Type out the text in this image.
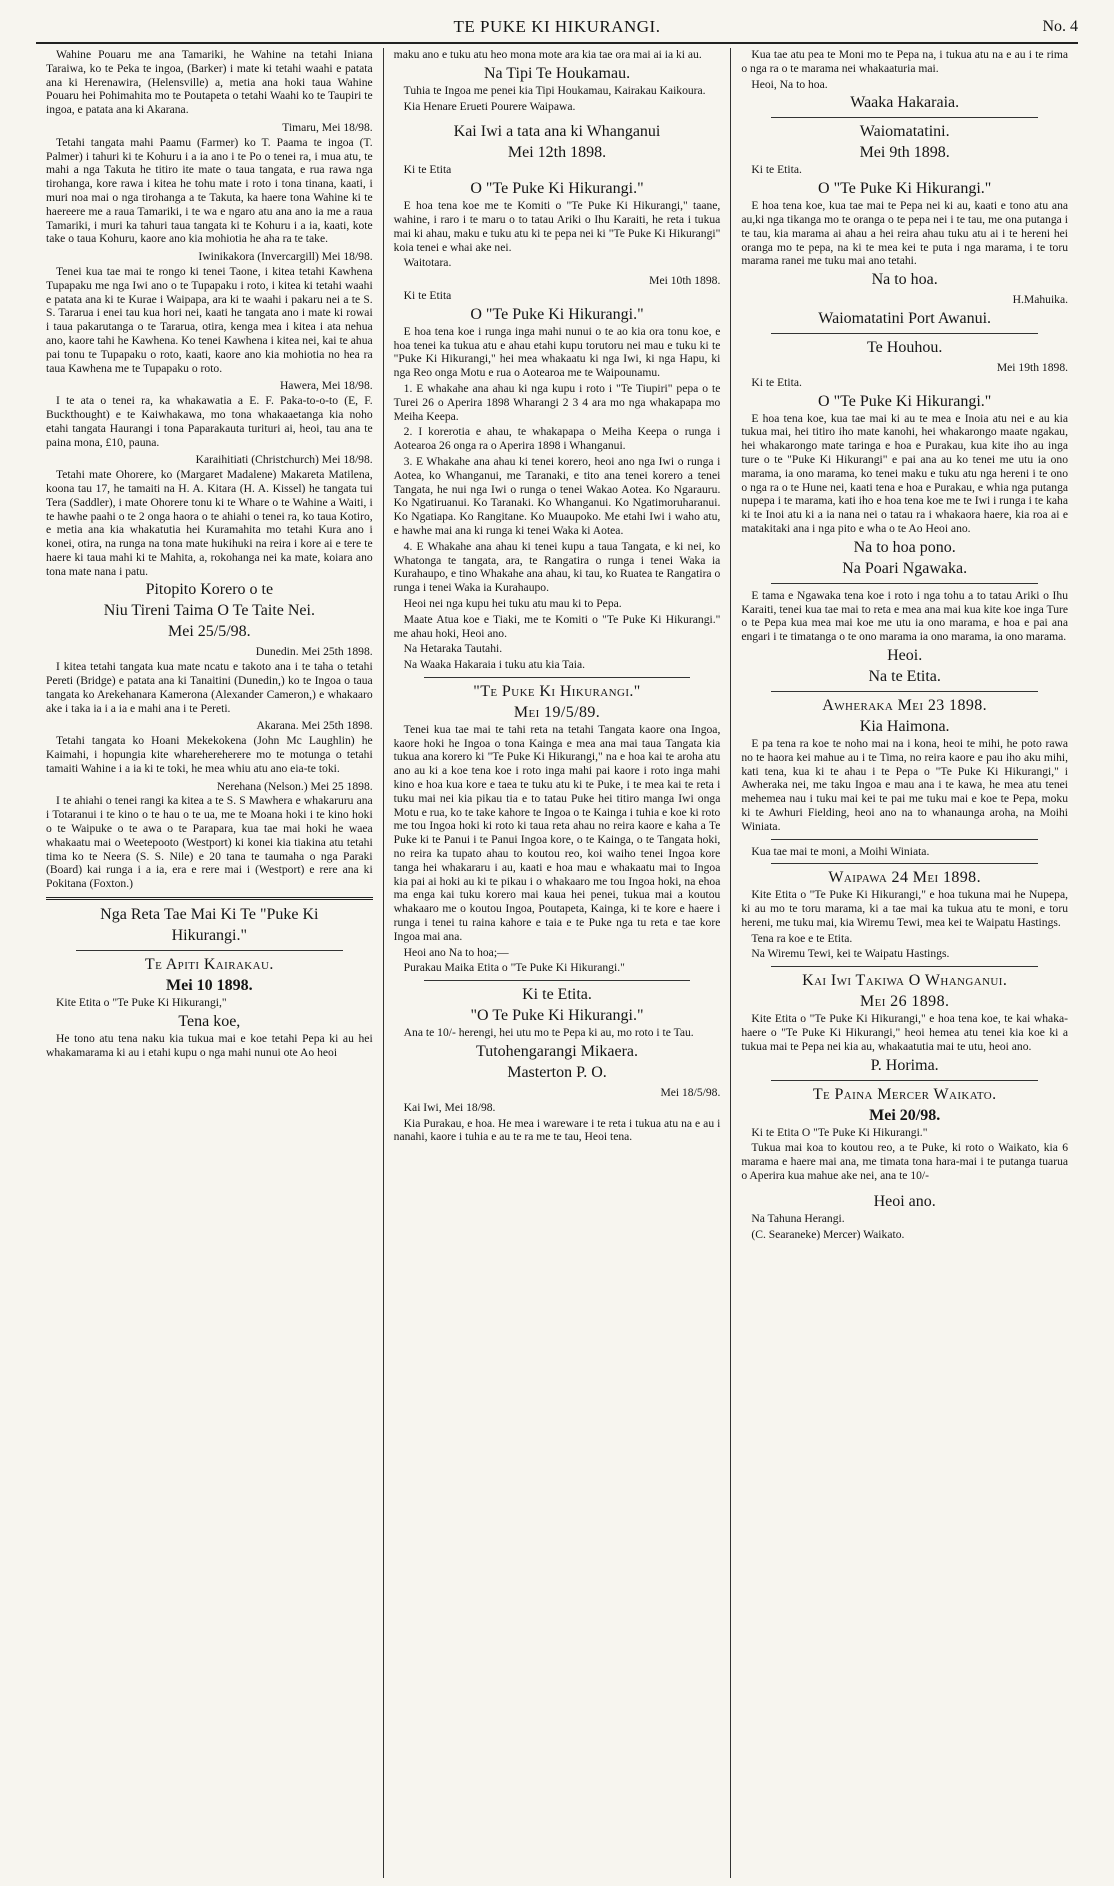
TE PUKE KI HIKURANGI.	No. 4

Wahine Pouaru me ana Tamariki, he Wahine na tetahi Iniana Taraiwa, ko te Peka te ingoa, (Barker) i mate ki tetahi waahi e patata ana ki Herenawira, (Helensville) a, metia ana hoki taua Wahine Pouaru hei Pohimahita mo te Poutapeta o tetahi Waahi ko te Taupiri te ingoa, e patata ana ki Akarana.

Timaru, Mei 18/98.

Tetahi tangata mahi Paamu (Farmer) ko T. Paama te ingoa (T. Palmer) i tahuri ki te Kohuru i a ia ano i te Po o tenei ra, i mua atu, te mahi a nga Takuta he titiro ite mate o taua tangata, e rua rawa nga tirohanga, kore rawa i kitea he tohu mate i roto i tona tinana, kaati, i muri noa mai o nga tirohanga a te Takuta, ka haere tona Wahine ki te haereere me a raua Tamariki, i te wa e ngaro atu ana ano ia me a raua Tamariki, i muri ka tahuri taua tangata ki te Kohuru i a ia, kaati, kote take o taua Kohuru, kaore ano kia mohiotia he aha ra te take.

Iwinikakora (Invercargill) Mei 18/98.

Tenei kua tae mai te rongo ki tenei Taone, i kitea tetahi Kawhena Tupapaku me nga Iwi ano o te Tupapaku i roto, i kitea ki tetahi waahi e patata ana ki te Kurae i Waipapa, ara ki te waahi i pakaru nei a te S. S. Tararua i enei tau kua hori nei, kaati he tangata ano i mate ki rowai i taua pakarutanga o te Tararua, otira, kenga mea i kitea i ata nehua ano, kaore tahi he Kawhena. Ko tenei Kawhena i kitea nei, kai te ahua pai tonu te Tupapaku o roto, kaati, kaore ano kia mohiotia no hea ra taua Kawhena me te Tupapaku o roto.

Hawera, Mei 18/98.

I te ata o tenei ra, ka whakawatia a E. F. Paka-to-o-to (E, F. Buckthought) e te Kaiwhakawa, mo tona whakaaetanga kia noho etahi tangata Haurangi i tona Paparakauta turituri ai, heoi, tau ana te paina mona, £10, pauna.

Karaihitiati (Christchurch) Mei 18/98.

Tetahi mate Ohorere, ko (Margaret Madalene) Makareta Matilena, koona tau 17, he tamaiti na H. A. Kitara (H. A. Kissel) he tangata tui Tera (Saddler), i mate Ohorere tonu ki te Whare o te Wahine a Waiti, i te hawhe paahi o te 2 onga haora o te ahiahi o tenei ra, ko taua Kotiro, e metia ana kia whakatutia hei Kuramahita mo tetahi Kura ano i konei, otira, na runga na tona mate hukihuki na reira i kore ai e tere te haere ki taua mahi ki te Mahita, a, rokohanga nei ka mate, koiara ano tona mate nana i patu.

Pitopito Korero o te
Niu Tireni Taima O Te Taite Nei.
Mei 25/5/98.
Dunedin. Mei 25th 1898.

I kitea tetahi tangata kua mate ncatu e takoto ana i te taha o tetahi Pereti (Bridge) e patata ana ki Tanaitini (Dunedin,) ko te Ingoa o taua tangata ko Arekehanara Kamerona (Alexander Cameron,) e whakaaro ake i taka ia i a ia e mahi ana i te Pereti.

Akarana. Mei 25th 1898.

Tetahi tangata ko Hoani Mekekokena (John Mc Laughlin) he Kaimahi, i hopungia kite wharehereherere mo te motunga o tetahi tamaiti Wahine i a ia ki te toki, he mea whiu atu ano eia-te toki.

Nerehana (Nelson.) Mei 25 1898.

I te ahiahi o tenei rangi ka kitea a te S. S Mawhera e whakaruru ana i Totaranui i te kino o te hau o te ua, me te Moana hoki i te kino hoki o te Waipuke o te awa o te Parapara, kua tae mai hoki he waea whakaatu mai o Weetepooto (Westport) ki konei kia tiakina atu tetahi tima ko te Neera (S. S. Nile) e 20 tana te taumaha o nga Paraki (Board) kai runga i a ia, era e rere mai i (Westport) e rere ana ki Pokitana (Foxton.)

Nga Reta Tae Mai Ki Te "Puke Ki
Hikurangi."
Te Apiti Kairakau.
Mei 10 1898.

Kite Etita o "Te Puke Ki Hikurangi,"

Tena koe,

He tono atu tena naku kia tukua mai e koe tetahi Pepa ki au hei whakamarama ki au i etahi kupu o nga mahi nunui ote Ao heoi

maku ano e tuku atu heo mona mote ara kia tae ora mai ai ia ki au.

Na Tipi Te Houkamau.

Tuhia te Ingoa me penei kia Tipi Houkamau, Kairakau Kaikoura.

Kia Henare Erueti Pourere Waipawa.

Kai Iwi a tata ana ki Whanganui
Mei 12th 1898.

Ki te Etita

O "Te Puke Ki Hikurangi."

E hoa tena koe me te Komiti o "Te Puke Ki Hikurangi," taane, wahine, i raro i te maru o to tatau Ariki o Ihu Karaiti, he reta i tukua mai ki ahau, maku e tuku atu ki te pepa nei ki "Te Puke Ki Hikurangi" koia tenei e whai ake nei.

Waitotara.

Mei 10th 1898.

Ki te Etita

O "Te Puke Ki Hikurangi."

E hoa tena koe i runga inga mahi nunui o te ao kia ora tonu koe, e hoa tenei ka tukua atu e ahau etahi kupu torutoru nei mau e tuku ki te "Puke Ki Hikurangi," hei mea whakaatu ki nga Iwi, ki nga Hapu, ki nga Reo onga Motu e rua o Aotearoa me te Waipounamu.

1. E whakahe ana ahau ki nga kupu i roto i "Te Tiupiri" pepa o te Turei 26 o Aperira 1898 Wharangi 2 3 4 ara mo nga whakapapa mo Meiha Keepa.

2. I korerotia e ahau, te whakapapa o Meiha Keepa o runga i Aotearoa 26 onga ra o Aperira 1898 i Whanganui.

3. E Whakahe ana ahau ki tenei korero, heoi ano nga Iwi o runga i Aotea, ko Whanganui, me Taranaki, e tito ana tenei korero a tenei Tangata, he nui nga Iwi o runga o tenei Wakao Aotea. Ko Ngarauru. Ko Ngatiruanui. Ko Taranaki. Ko Whanganui. Ko Ngatimoruharanui. Ko Ngatiapa. Ko Rangitane. Ko Muaupoko. Me etahi Iwi i waho atu, e hawhe mai ana ki runga ki tenei Waka ki Aotea.

4. E Whakahe ana ahau ki tenei kupu a taua Tangata, e ki nei, ko Whatonga te tangata, ara, te Rangatira o runga i tenei Waka ia Kurahaupo, e tino Whakahe ana ahau, ki tau, ko Ruatea te Rangatira o runga i tenei Waka ia Kurahaupo.

Heoi nei nga kupu hei tuku atu mau ki to Pepa.

Maate Atua koe e Tiaki, me te Komiti o "Te Puke Ki Hikurangi." me ahau hoki, Heoi ano.

Na Hetaraka Tautahi.

Na Waaka Hakaraia i tuku atu kia Taia.

"Te Puke Ki Hikurangi."
Mei 19/5/89.

Tenei kua tae mai te tahi reta na tetahi Tangata kaore ona Ingoa, kaore hoki he Ingoa o tona Kainga e mea ana mai taua Tangata kia tukua ana korero ki "Te Puke Ki Hikurangi," na e hoa kai te aroha atu ano au ki a koe tena koe i roto inga mahi pai kaore i roto inga mahi kino e hoa kua kore e taea te tuku atu ki te Puke, i te mea kai te reta i tuku mai nei kia pikau tia e to tatau Puke hei titiro manga Iwi onga Motu e rua, ko te take kahore te Ingoa o te Kainga i tuhia e koe ki roto me tou Ingoa hoki ki roto ki taua reta ahau no reira kaore e kaha a Te Puke ki te Panui i te Panui Ingoa kore, o te Kainga, o te Tangata hoki, no reira ka tupato ahau to koutou reo, koi waiho tenei Ingoa kore tanga hei whakararu i au, kaati e hoa mau e whakaatu mai to Ingoa kia pai ai hoki au ki te pikau i o whakaaro me tou Ingoa hoki, na ehoa ma enga kai tuku korero mai kaua hei penei, tukua mai a koutou whakaaro me o koutou Ingoa, Poutapeta, Kainga, ki te kore e haere i runga i tenei tu raina kahore e taia e te Puke nga tu reta e tae kore Ingoa mai ana.

Heoi ano Na to hoa;—

Purakau Maika Etita o "Te Puke Ki Hikurangi."

Ki te Etita.
"O Te Puke Ki Hikurangi."

Ana te 10/- herengi, hei utu mo te Pepa ki au, mo roto i te Tau.

Tutohengarangi Mikaera.
Masterton P. O.
Mei 18/5/98.

Kai Iwi, Mei 18/98.

Kia Purakau, e hoa. He mea i wareware i te reta i tukua atu na e au i nanahi, kaore i tuhia e au te ra me te tau, Heoi tena.

Kua tae atu pea te Moni mo te Pepa na, i tukua atu na e au i te rima o nga ra o te marama nei whakaaturia mai.

Heoi, Na to hoa.

Waaka Hakaraia.
Waiomatatini.
Mei 9th 1898.

Ki te Etita.

O "Te Puke Ki Hikurangi."

E hoa tena koe, kua tae mai te Pepa nei ki au, kaati e tono atu ana au,ki nga tikanga mo te oranga o te pepa nei i te tau, me ona putanga i te tau, kia marama ai ahau a hei reira ahau tuku atu ai i te hereni hei oranga mo te pepa, na ki te mea kei te puta i nga marama, i te toru marama ranei me tuku mai ano tetahi.

Na to hoa.
H.Mahuika.
Waiomatatini Port Awanui.
Te Houhou.
Mei 19th 1898.

Ki te Etita.

O "Te Puke Ki Hikurangi."

E hoa tena koe, kua tae mai ki au te mea e Inoia atu nei e au kia tukua mai, hei titiro iho mate kanohi, hei whakarongo maate ngakau, hei whakarongo mate taringa e hoa e Purakau, kua kite iho au inga ture o te "Puke Ki Hikurangi" e pai ana au ko tenei me utu ia ono marama, ia ono marama, ko tenei maku e tuku atu nga hereni i te ono o nga ra o te Hune nei, kaati tena e hoa e Purakau, e whia nga putanga nupepa i te marama, kati iho e hoa tena koe me te Iwi i runga i te kaha ki te Inoi atu ki a ia nana nei o tatau ra i whakaora haere, kia roa ai e matakitaki ana i nga pito e wha o te Ao Heoi ano.

Na to hoa pono.
Na Poari Ngawaka.

E tama e Ngawaka tena koe i roto i nga tohu a to tatau Ariki o Ihu Karaiti, tenei kua tae mai to reta e mea ana mai kua kite koe inga Ture o te Pepa kua mea mai koe me utu ia ono marama, e hoa e pai ana engari i te timatanga o te ono marama ia ono marama, ia ono marama.

Heoi.
Na te Etita.
Awheraka Mei 23 1898.
Kia Haimona.

E pa tena ra koe te noho mai na i kona, heoi te mihi, he poto rawa no te haora kei mahue au i te Tima, no reira kaore e pau iho aku mihi, kati tena, kua ki te ahau i te Pepa o "Te Puke Ki Hikurangi," i Awheraka nei, me taku Ingoa e mau ana i te kawa, he mea atu tenei mehemea nau i tuku mai kei te pai me tuku mai e koe te Pepa, moku ki te Awhuri Fielding, heoi ano na to whanaunga aroha, na Moihi Winiata.

Kua tae mai te moni, a Moihi Winiata.

Waipawa 24 Mei 1898.

Kite Etita o "Te Puke Ki Hikurangi," e hoa tukuna mai he Nupepa, ki au mo te toru marama, ki a tae mai ka tukua atu te moni, e toru hereni, me tuku mai, kia Wiremu Tewi, mea kei te Waipatu Hastings.

Tena ra koe e te Etita.

Na Wiremu Tewi, kei te Waipatu Hastings.

Kai Iwi Takiwa O Whanganui.
Mei 26 1898.

Kite Etita o "Te Puke Ki Hikurangi," e hoa tena koe, te kai whaka-haere o "Te Puke Ki Hikurangi," heoi hemea atu tenei kia koe ki a tukua mai te Pepa nei kia au, whakaatutia mai te utu, heoi ano.

P. Horima.
Te Paina Mercer Waikato.
Mei 20/98.

Ki te Etita O "Te Puke Ki Hikurangi."

Tukua mai koa to koutou reo, a te Puke, ki roto o Waikato, kia 6 marama e haere mai ana, me timata tona hara-mai i te putanga tuarua o Aperira kua mahue ake nei, ana te 10/-

Heoi ano.

Na Tahuna Herangi.

(C. Searaneke) Mercer) Waikato.
